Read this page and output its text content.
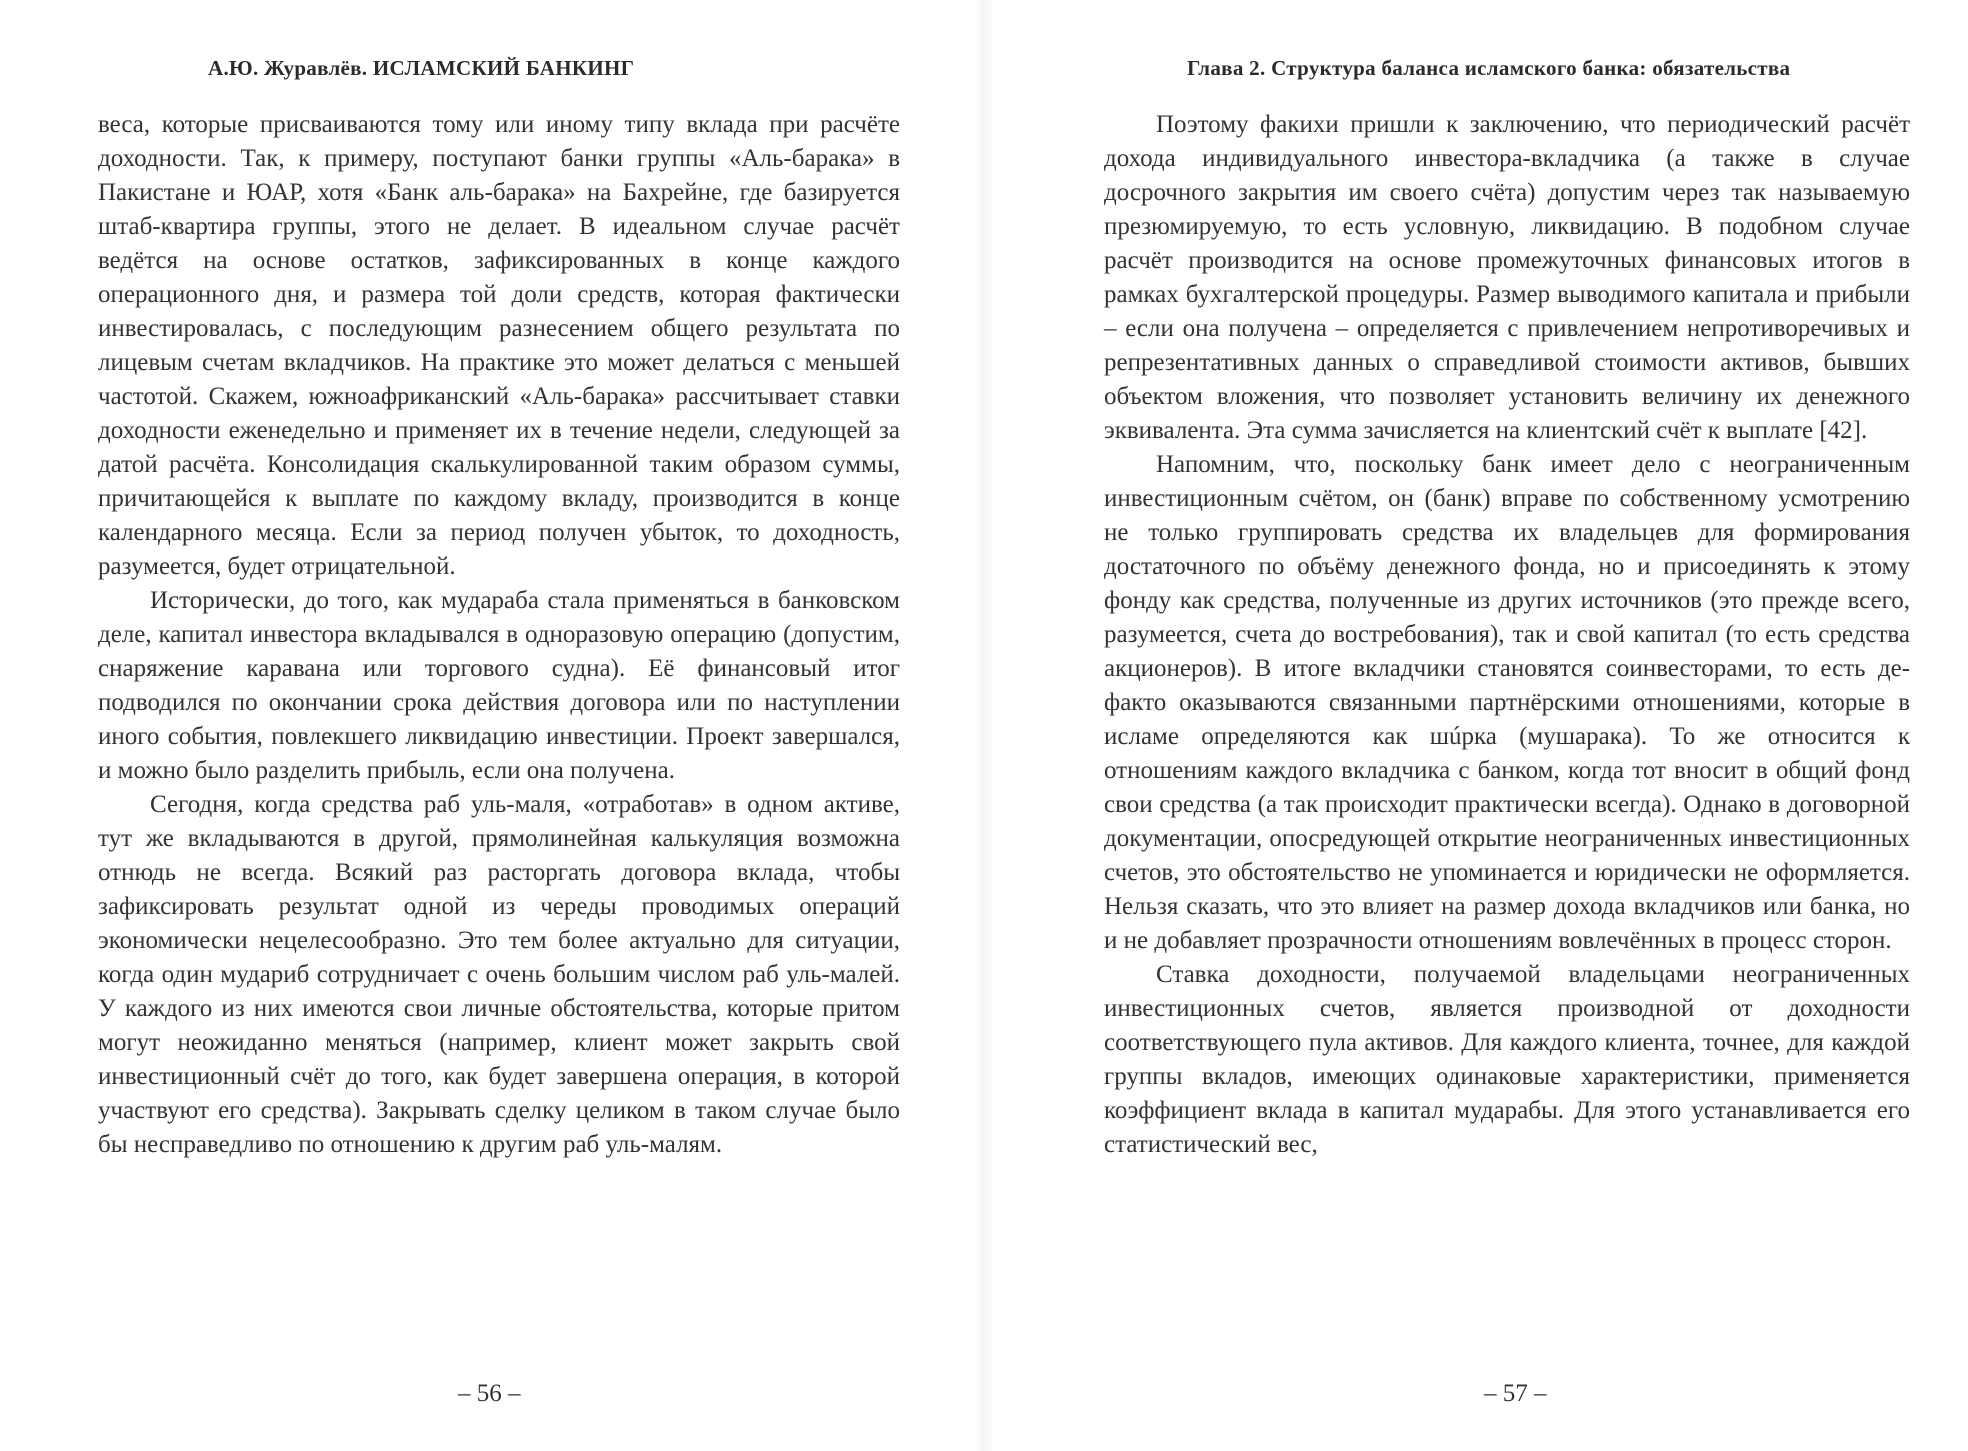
А.Ю. Журавлёв. ИСЛАМСКИЙ БАНКИНГ

веса, которые присваиваются тому или иному типу вклада при расчёте доходности. Так, к примеру, поступают банки группы «Аль-барака» в Пакистане и ЮАР, хотя «Банк аль-барака» на Бахрейне, где базируется штаб-квартира группы, этого не делает. В идеальном случае расчёт ведётся на основе остатков, зафиксированных в конце каждого операционного дня, и размера той доли средств, которая фактически инвестировалась, с последующим разнесением общего результата по лицевым счетам вкладчиков. На практике это может делаться с меньшей частотой. Скажем, южноафриканский «Аль-барака» рассчитывает ставки доходности еженедельно и применяет их в течение недели, следующей за датой расчёта. Консолидация скалькулированной таким образом суммы, причитающейся к выплате по каждому вкладу, производится в конце календарного месяца. Если за период получен убыток, то доходность, разумеется, будет отрицательной.

Исторически, до того, как мудараба стала применяться в банковском деле, капитал инвестора вкладывался в одноразовую операцию (допустим, снаряжение каравана или торгового судна). Её финансовый итог подводился по окончании срока действия договора или по наступлении иного события, повлекшего ликвидацию инвестиции. Проект завершался, и можно было разделить прибыль, если она получена.

Сегодня, когда средства раб уль-маля, «отработав» в одном активе, тут же вкладываются в другой, прямолинейная калькуляция возможна отнюдь не всегда. Всякий раз расторгать договора вклада, чтобы зафиксировать результат одной из череды проводимых операций экономически нецелесообразно. Это тем более актуально для ситуации, когда один мудариб сотрудничает с очень большим числом раб уль-малей. У каждого из них имеются свои личные обстоятельства, которые притом могут неожиданно меняться (например, клиент может закрыть свой инвестиционный счёт до того, как будет завершена операция, в которой участвуют его средства). Закрывать сделку целиком в таком случае было бы несправедливо по отношению к другим раб уль-малям.

– 56 –
Глава 2. Структура баланса исламского банка: обязательства

Поэтому факихи пришли к заключению, что периодический расчёт дохода индивидуального инвестора-вкладчика (а также в случае досрочного закрытия им своего счёта) допустим через так называемую презюмируемую, то есть условную, ликвидацию. В подобном случае расчёт производится на основе промежуточных финансовых итогов в рамках бухгалтерской процедуры. Размер выводимого капитала и прибыли – если она получена – определяется с привлечением непротиворечивых и репрезентативных данных о справедливой стоимости активов, бывших объектом вложения, что позволяет установить величину их денежного эквивалента. Эта сумма зачисляется на клиентский счёт к выплате [42].

Напомним, что, поскольку банк имеет дело с неограниченным инвестиционным счётом, он (банк) вправе по собственному усмотрению не только группировать средства их владельцев для формирования достаточного по объёму денежного фонда, но и присоединять к этому фонду как средства, полученные из других источников (это прежде всего, разумеется, счета до востребования), так и свой капитал (то есть средства акционеров). В итоге вкладчики становятся соинвесторами, то есть де-факто оказываются связанными партнёрскими отношениями, которые в исламе определяются как шúрка (мушарака). То же относится к отношениям каждого вкладчика с банком, когда тот вносит в общий фонд свои средства (а так происходит практически всегда). Однако в договорной документации, опосредующей открытие неограниченных инвестиционных счетов, это обстоятельство не упоминается и юридически не оформляется. Нельзя сказать, что это влияет на размер дохода вкладчиков или банка, но и не добавляет прозрачности отношениям вовлечённых в процесс сторон.

Ставка доходности, получаемой владельцами неограниченных инвестиционных счетов, является производной от доходности соответствующего пула активов. Для каждого клиента, точнее, для каждой группы вкладов, имеющих одинаковые характеристики, применяется коэффициент вклада в капитал мударабы. Для этого устанавливается его статистический вес,

– 57 –
